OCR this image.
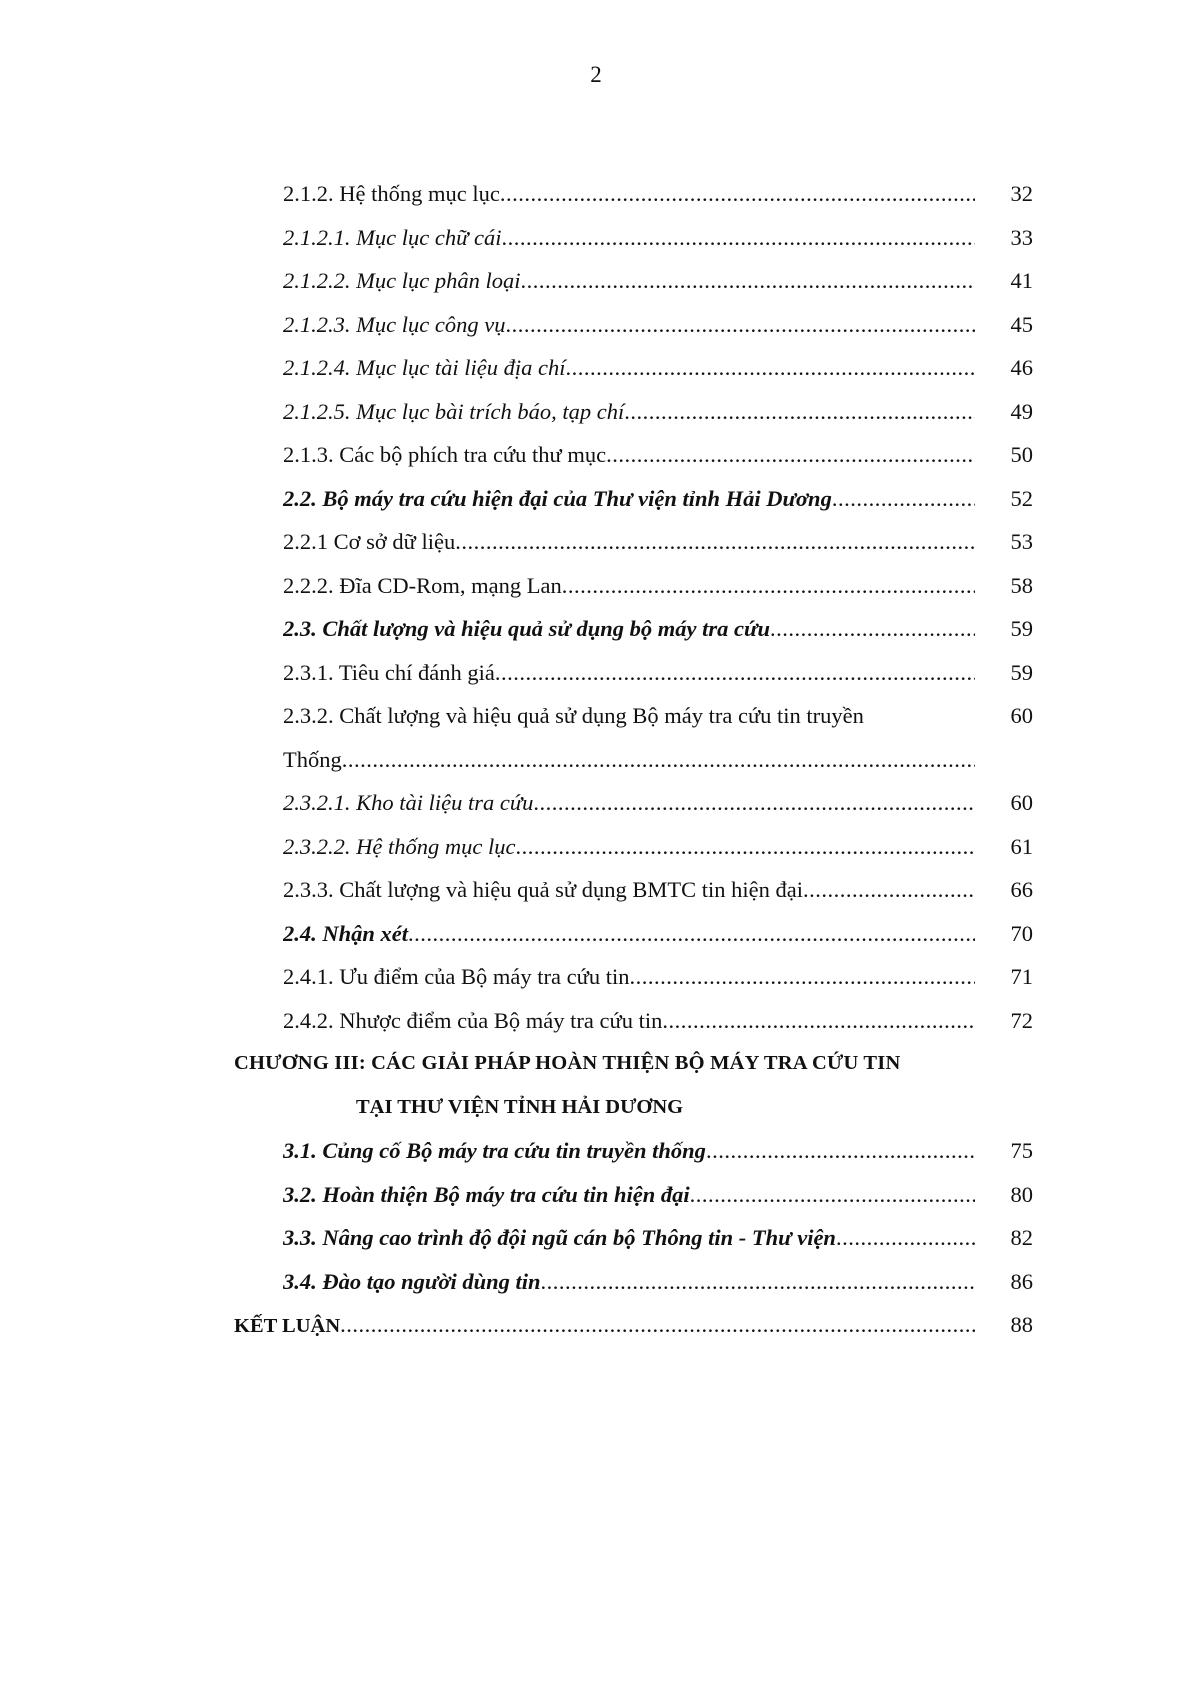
2
2.1.2. Hệ thống mục lục .....	32
2.1.2.1. Mục lục chữ cái .....	33
2.1.2.2. Mục lục phân loại .....	41
2.1.2.3. Mục lục công vụ .....	45
2.1.2.4. Mục lục tài liệu địa chí .....	46
2.1.2.5. Mục lục bài trích báo, tạp chí .....	49
2.1.3. Các bộ phích tra cứu thư mục .....	50
2.2. Bộ máy tra cứu hiện đại của Thư viện tỉnh Hải Dương .....	52
2.2.1 Cơ sở dữ liệu .....	53
2.2.2. Đĩa CD-Rom, mạng Lan .....	58
2.3. Chất lượng và hiệu quả sử dụng bộ máy tra cứu .....	59
2.3.1. Tiêu chí đánh giá .....	59
2.3.2. Chất lượng và hiệu quả sử dụng Bộ máy tra cứu tin truyền	60
Thống
.....
2.3.2.1. Kho tài liệu tra cứu .....	60
2.3.2.2. Hệ thống mục lục .....	61
2.3.3. Chất lượng và hiệu quả sử dụng BMTC tin hiện đại .....	66
2.4. Nhận xét .....	70
2.4.1. Ưu điểm của Bộ máy tra cứu tin .....	71
2.4.2. Nhược điểm của Bộ máy tra cứu tin .....	72
CHƯƠNG III: CÁC GIẢI PHÁP HOÀN THIỆN BỘ MÁY TRA CỨU TIN
TẠI THƯ VIỆN TỈNH HẢI DƯƠNG
3.1. Củng cố Bộ máy tra cứu tin truyền thống .....	75
3.2. Hoàn thiện Bộ máy tra cứu tin hiện đại .....	80
3.3. Nâng cao trình độ đội ngũ cán bộ Thông tin - Thư viện .....	82
3.4. Đào tạo người dùng tin .....	86
KẾT LUẬN .....	88
